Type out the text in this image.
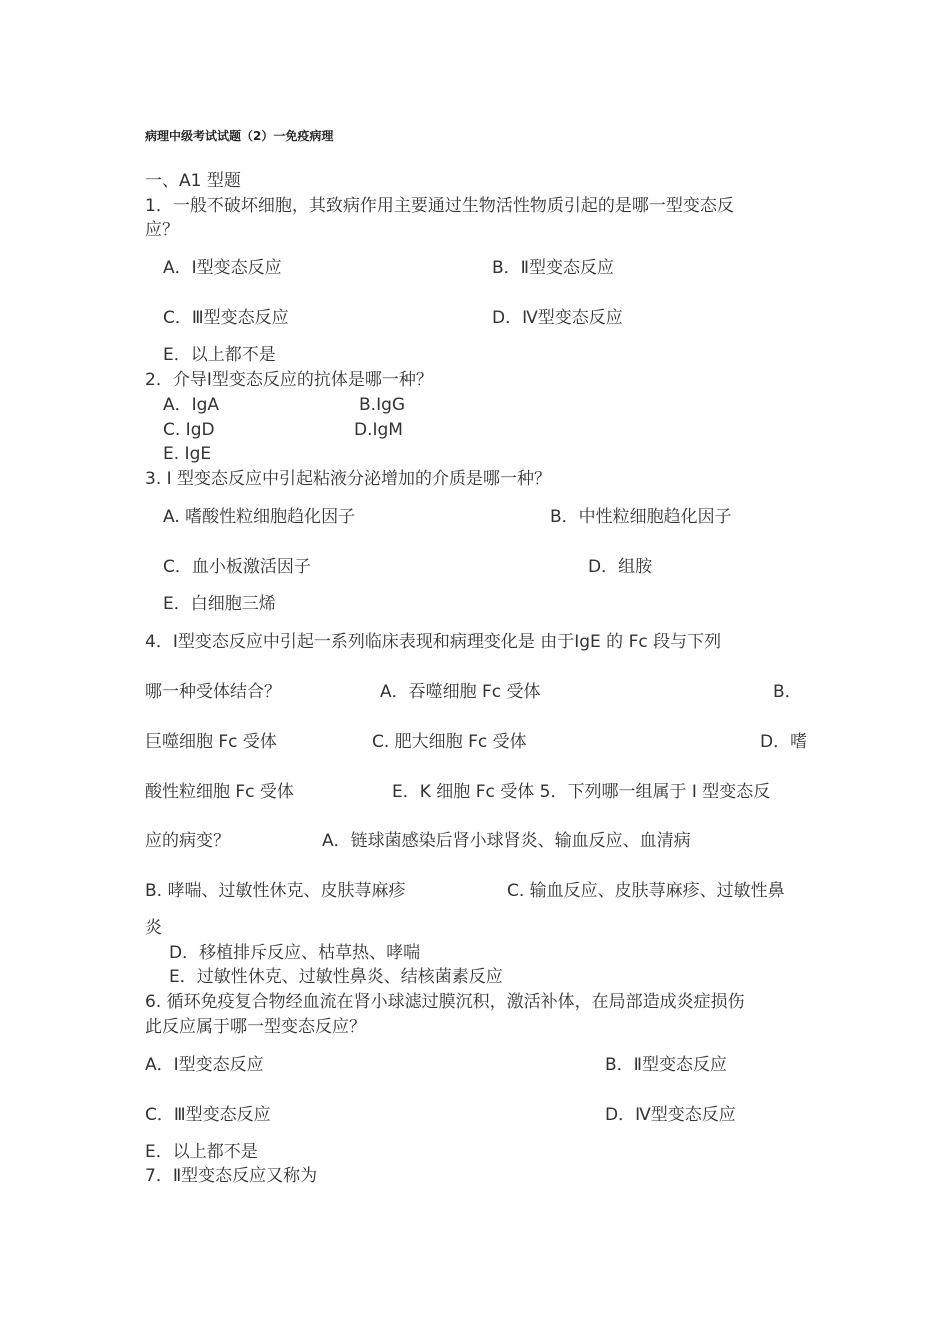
病理中级考试试题（2）一免疫病理
一、A1 型题
1．一般不破坏细胞，其致病作用主要通过生物活性物质引起的是哪一型变态反
应？
A．Ⅰ型变态反应	B．Ⅱ型变态反应
C．Ⅲ型变态反应	D．Ⅳ型变态反应
E．以上都不是
2．介导Ⅰ型变态反应的抗体是哪一种？
A．IgA	B.IgG
C. IgD	D.IgM
E. IgE
3. Ⅰ 型变态反应中引起粘液分泌增加的介质是哪一种？
A. 嗜酸性粒细胞趋化因子	B．中性粒细胞趋化因子
C．血小板激活因子	D．组胺
E．白细胞三烯
4．Ⅰ型变态反应中引起一系列临床表现和病理变化是 由于IgE 的 Fc 段与下列
哪一种受体结合？	A．吞噬细胞 Fc 受体	B．
巨噬细胞 Fc 受体	C. 肥大细胞 Fc 受体	D．嗜
酸性粒细胞 Fc 受体	E．K 细胞 Fc 受体 5．下列哪一组属于 I 型变态反
应的病变？	A．链球菌感染后肾小球肾炎、输血反应、血清病
B. 哮喘、过敏性休克、皮肤荨麻疹	C. 输血反应、皮肤荨麻疹、过敏性鼻
炎
D．移植排斥反应、枯草热、哮喘
E．过敏性休克、过敏性鼻炎、结核菌素反应
6. 循环免疫复合物经血流在肾小球滤过膜沉积，激活补体，在局部造成炎症损伤
此反应属于哪一型变态反应？
A．Ⅰ型变态反应	B．Ⅱ型变态反应
C．Ⅲ型变态反应	D．Ⅳ型变态反应
E．以上都不是
7．Ⅱ型变态反应又称为
